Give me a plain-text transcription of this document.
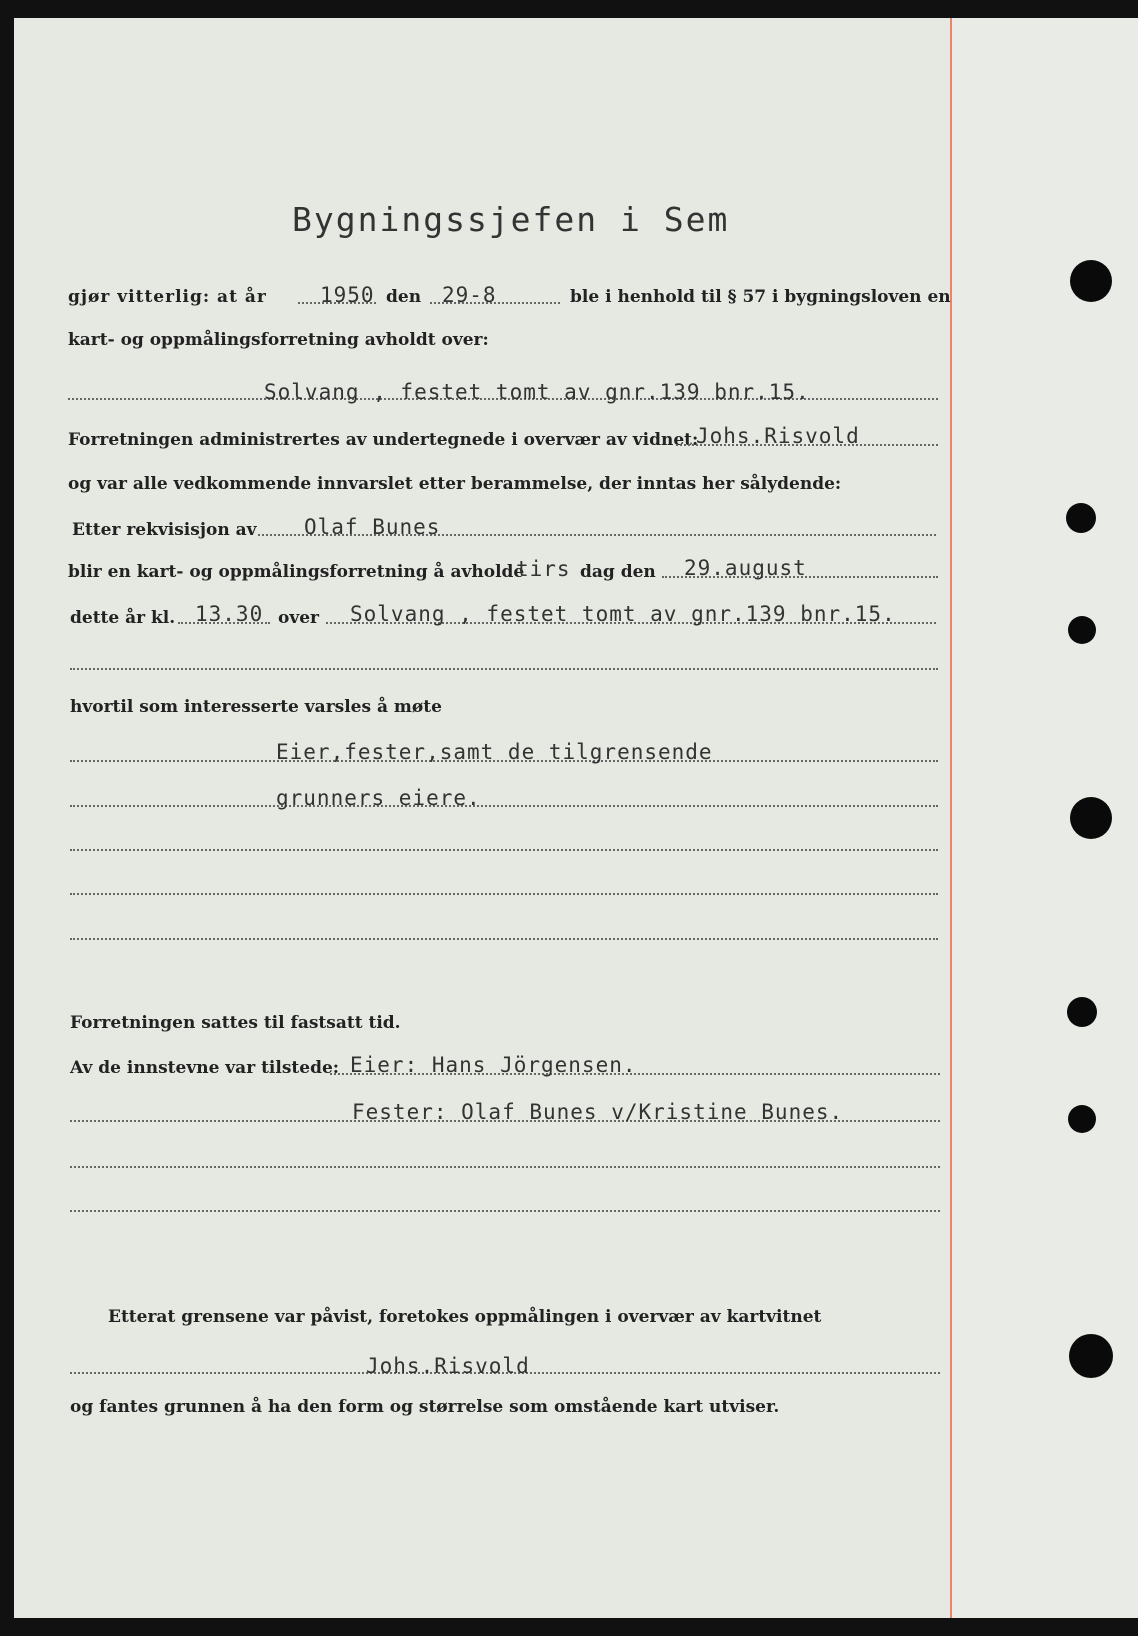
Bygningssjefen i Sem
gjør vitterlig: at år	1950 den 29-8	ble i henhold til § 57 i bygningsloven en
kart- og oppmålingsforretning avholdt over:
Solvang , festet tomt av gnr.139 bnr.15.
Forretningen administrertes av undertegnede i overvær av vidnet:
Johs.Risvold
og var alle vedkommende innvarslet etter berammelse, der inntas her sålydende:
Etter rekvisisjon av Olaf Bunes
blir en kart- og oppmålingsforretning å avholde
tirs dag den 29.august
dette år kl. 13.30 over Solvang , festet tomt av gnr.139 bnr.15.
hvortil som interesserte varsles å møte
Eier,fester,samt de tilgrensende
grunners eiere.
Forretningen sattes til fastsatt tid.
Av de innstevne var tilstede: Eier: Hans Jörgensen.
Fester: Olaf Bunes v/Kristine Bunes.
Etterat grensene var påvist, foretokes oppmålingen i overvær av kartvitnet
Johs.Risvold
og fantes grunnen å ha den form og størrelse som omstående kart utviser.
